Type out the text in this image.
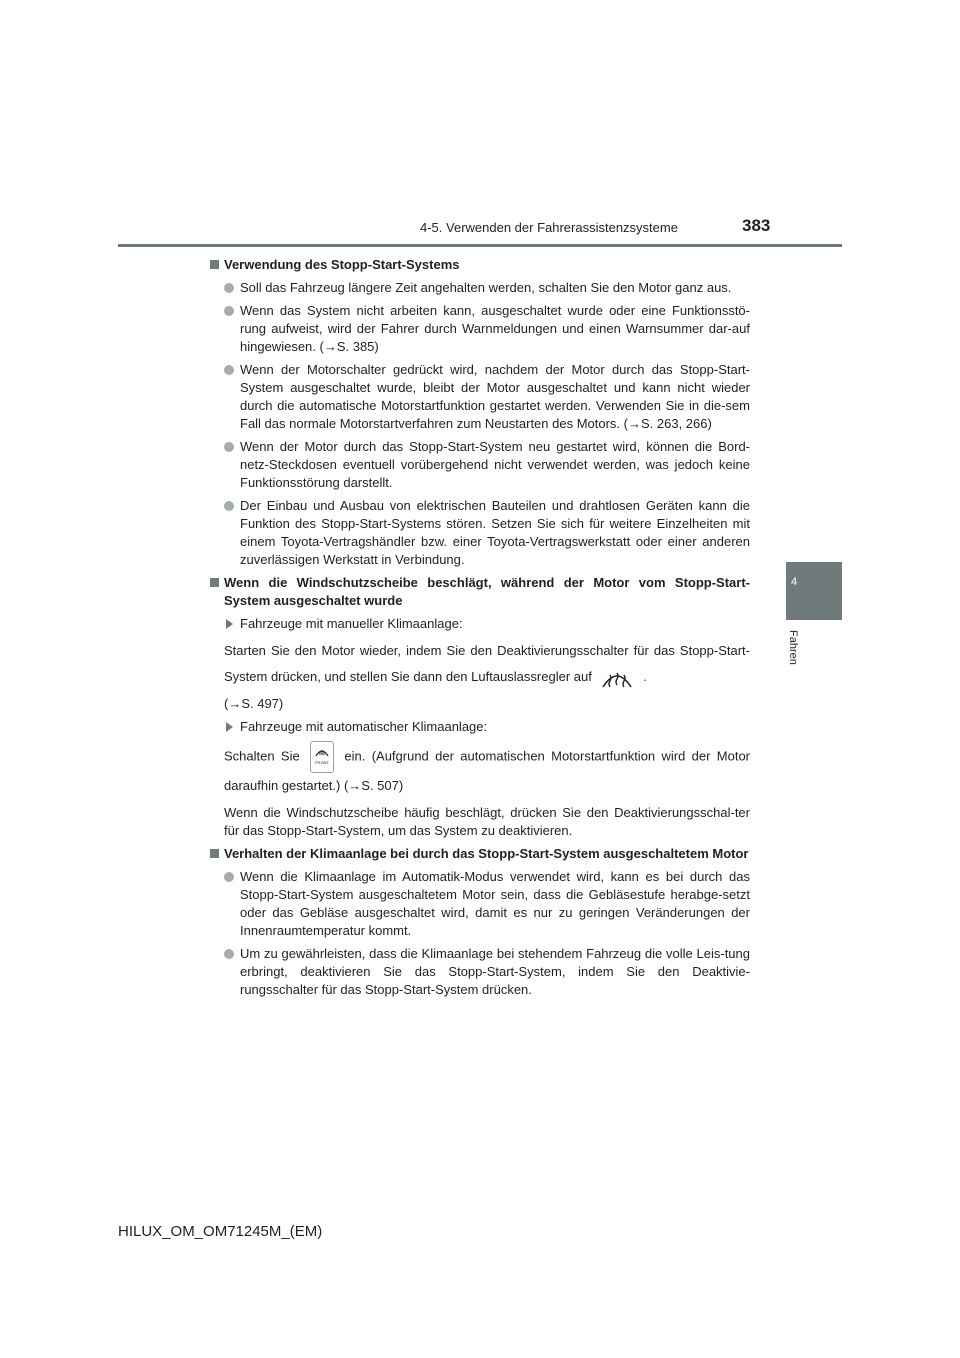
4-5. Verwenden der Fahrerassistenzsysteme	383
4
Fahren
Verwendung des Stopp-Start-Systems
Soll das Fahrzeug längere Zeit angehalten werden, schalten Sie den Motor ganz aus.
Wenn das System nicht arbeiten kann, ausgeschaltet wurde oder eine Funktionsstö-rung aufweist, wird der Fahrer durch Warnmeldungen und einen Warnsummer dar-auf hingewiesen. (→S. 385)
Wenn der Motorschalter gedrückt wird, nachdem der Motor durch das Stopp-Start-System ausgeschaltet wurde, bleibt der Motor ausgeschaltet und kann nicht wieder durch die automatische Motorstartfunktion gestartet werden. Verwenden Sie in die-sem Fall das normale Motorstartverfahren zum Neustarten des Motors. (→S. 263, 266)
Wenn der Motor durch das Stopp-Start-System neu gestartet wird, können die Bord-netz-Steckdosen eventuell vorübergehend nicht verwendet werden, was jedoch keine Funktionsstörung darstellt.
Der Einbau und Ausbau von elektrischen Bauteilen und drahtlosen Geräten kann die Funktion des Stopp-Start-Systems stören. Setzen Sie sich für weitere Einzelheiten mit einem Toyota-Vertragshändler bzw. einer Toyota-Vertragswerkstatt oder einer anderen zuverlässigen Werkstatt in Verbindung.
Wenn die Windschutzscheibe beschlägt, während der Motor vom Stopp-Start-System ausgeschaltet wurde
Fahrzeuge mit manueller Klimaanlage:
Starten Sie den Motor wieder, indem Sie den Deaktivierungsschalter für das Stopp-Start-System drücken, und stellen Sie dann den Luftauslassregler auf	.
(→S. 497)
Fahrzeuge mit automatischer Klimaanlage:
Schalten Sie	FRONT ein. (Aufgrund der automatischen Motorstartfunktion wird der Motor daraufhin gestartet.) (→S. 507)
Wenn die Windschutzscheibe häufig beschlägt, drücken Sie den Deaktivierungsschal-ter für das Stopp-Start-System, um das System zu deaktivieren.
Verhalten der Klimaanlage bei durch das Stopp-Start-System ausgeschaltetem Motor
Wenn die Klimaanlage im Automatik-Modus verwendet wird, kann es bei durch das Stopp-Start-System ausgeschaltetem Motor sein, dass die Gebläsestufe herabge-setzt oder das Gebläse ausgeschaltet wird, damit es nur zu geringen Veränderungen der Innenraumtemperatur kommt.
Um zu gewährleisten, dass die Klimaanlage bei stehendem Fahrzeug die volle Leis-tung erbringt, deaktivieren Sie das Stopp-Start-System, indem Sie den Deaktivie-rungsschalter für das Stopp-Start-System drücken.
HILUX_OM_OM71245M_(EM)
